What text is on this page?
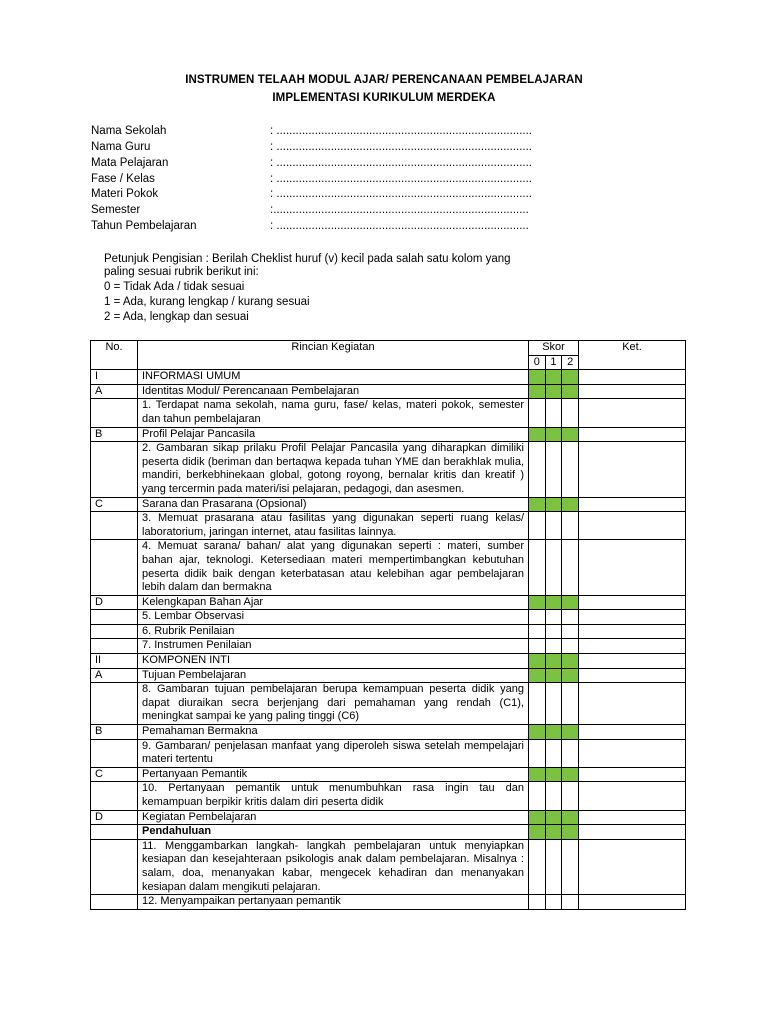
INSTRUMEN TELAAH MODUL AJAR/ PERENCANAAN PEMBELAJARAN
IMPLEMENTASI KURIKULUM MERDEKA
Nama Sekolah	: ................................................................................
Nama Guru	: ................................................................................
Mata Pelajaran	: ................................................................................
Fase / Kelas	: ................................................................................
Materi Pokok	: ................................................................................
Semester	:................................................................................
Tahun Pembelajaran	: ...............................................................................
Petunjuk Pengisian : Berilah Cheklist huruf (v) kecil pada salah satu kolom yang
paling sesuai rubrik berikut ini:
0 = Tidak Ada / tidak sesuai
1 = Ada, kurang lengkap / kurang sesuai
2 = Ada, lengkap dan sesuai
No.	Rincian Kegiatan	Skor			Ket.
		0	1	2	
I	INFORMASI UMUM				
A	Identitas Modul/ Perencanaan Pembelajaran				
	1. Terdapat nama sekolah, nama guru, fase/ kelas, materi pokok, semester dan tahun pembelajaran				
B	Profil Pelajar Pancasila				
	2. Gambaran sikap prilaku Profil Pelajar Pancasila yang diharapkan dimiliki peserta didik (beriman dan bertaqwa kepada tuhan YME dan berakhlak mulia, mandiri, berkebhinekaan global, gotong royong, bernalar kritis dan kreatif ) yang tercermin pada materi/isi pelajaran, pedagogi, dan asesmen.				
C	Sarana dan Prasarana (Opsional)				
	3. Memuat prasarana atau fasilitas yang digunakan seperti ruang kelas/ laboratorium, jaringan internet, atau fasilitas lainnya.				
	4. Memuat sarana/ bahan/ alat yang digunakan seperti : materi, sumber bahan ajar, teknologi. Ketersediaan materi mempertimbangkan kebutuhan peserta didik baik dengan keterbatasan atau kelebihan agar pembelajaran lebih dalam dan bermakna				
D	Kelengkapan Bahan Ajar				
	5. Lembar Observasi				
	6. Rubrik Penilaian				
	7. Instrumen Penilaian				
II	KOMPONEN INTI				
A	Tujuan Pembelajaran				
	8. Gambaran tujuan pembelajaran berupa kemampuan peserta didik yang dapat diuraikan secra berjenjang dari pemahaman yang rendah (C1), meningkat sampai ke yang paling tinggi (C6)				
B	Pemahaman Bermakna				
	9. Gambaran/ penjelasan manfaat yang diperoleh siswa setelah mempelajari materi tertentu				
C	Pertanyaan Pemantik				
	10. Pertanyaan pemantik untuk menumbuhkan rasa ingin tau dan kemampuan berpikir kritis dalam diri peserta didik				
D	Kegiatan Pembelajaran				
	Pendahuluan				
	11. Menggambarkan langkah- langkah pembelajaran untuk menyiapkan kesiapan dan kesejahteraan psikologis anak dalam pembelajaran. Misalnya : salam, doa, menanyakan kabar, mengecek kehadiran dan menanyakan kesiapan dalam mengikuti pelajaran.				
	12. Menyampaikan pertanyaan pemantik				
